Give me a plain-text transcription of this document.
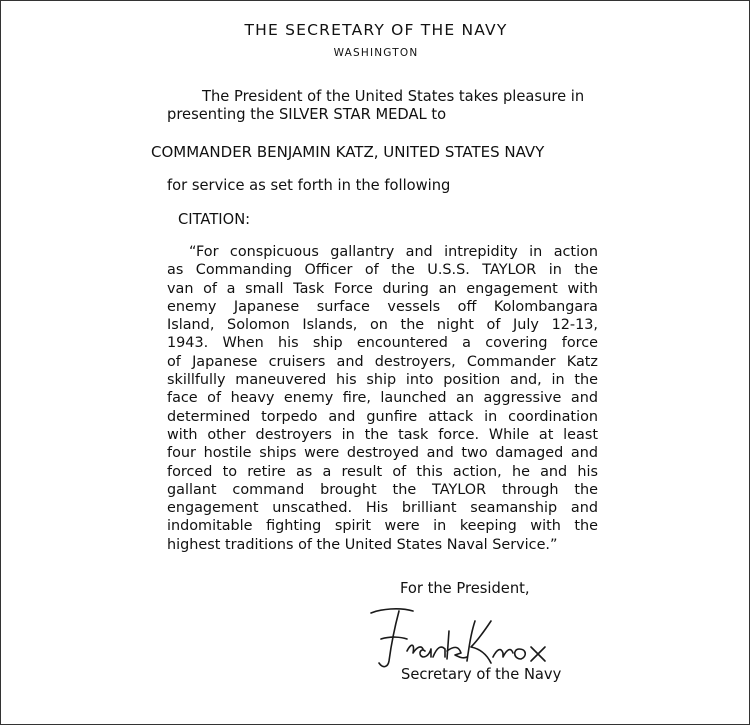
THE SECRETARY OF THE NAVY
WASHINGTON
The President of the United States takes pleasure in
presenting the SILVER STAR MEDAL to
COMMANDER BENJAMIN KATZ, UNITED STATES NAVY
for service as set forth in the following
CITATION:
“For conspicuous gallantry and intrepidity in action
as Commanding Officer of the U.S.S. TAYLOR in the
van of a small Task Force during an engagement with
enemy Japanese surface vessels off Kolombangara
Island, Solomon Islands, on the night of July 12-13,
1943. When his ship encountered a covering force
of Japanese cruisers and destroyers, Commander Katz
skillfully maneuvered his ship into position and, in the
face of heavy enemy fire, launched an aggressive and
determined torpedo and gunfire attack in coordination
with other destroyers in the task force. While at least
four hostile ships were destroyed and two damaged and
forced to retire as a result of this action, he and his
gallant command brought the TAYLOR through the
engagement unscathed. His brilliant seamanship and
indomitable fighting spirit were in keeping with the
highest traditions of the United States Naval Service.”
For the President,
Secretary of the Navy
